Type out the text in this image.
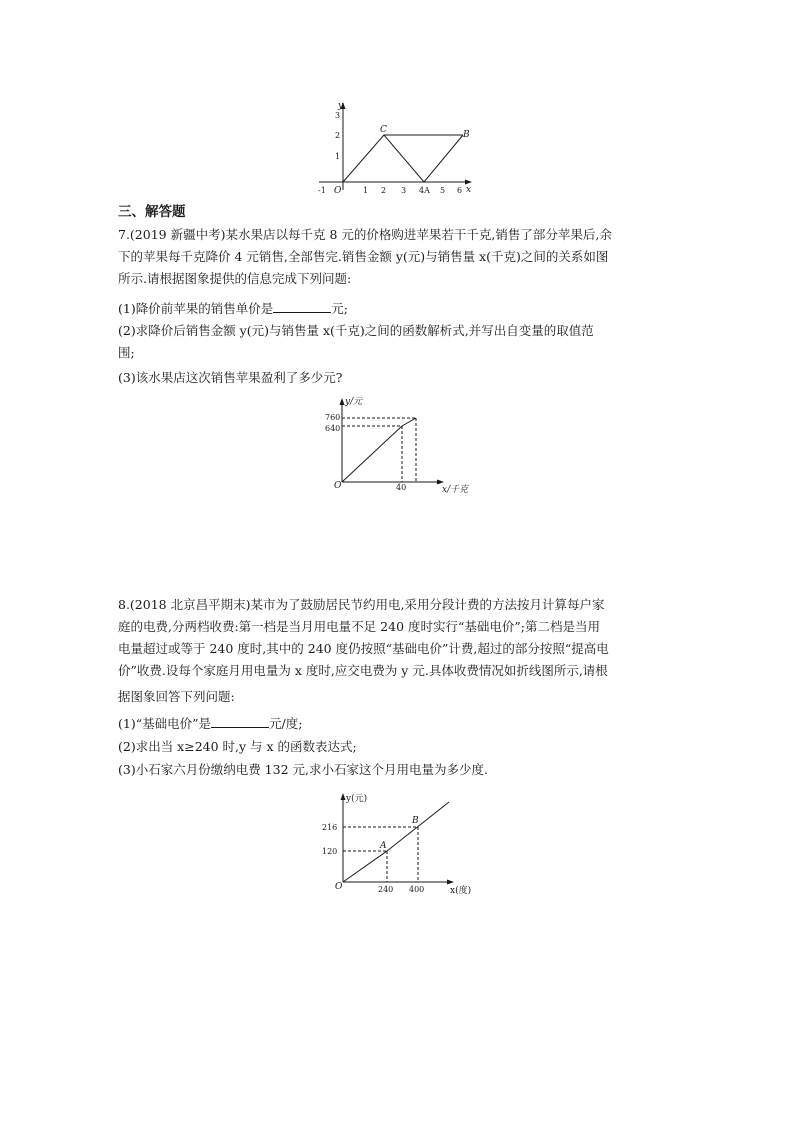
y
x
O
-1	1 2 3 4A 5 6
1
2
3
C	B
三、解答题
7.(2019 新疆中考)某水果店以每千克 8 元的价格购进苹果若干千克,销售了部分苹果后,余
下的苹果每千克降价 4 元销售,全部售完.销售金额 y(元)与销售量 x(千克)之间的关系如图
所示.请根据图象提供的信息完成下列问题:
(1)降价前苹果的销售单价是	元;
(2)求降价后销售金额 y(元)与销售量 x(千克)之间的函数解析式,并写出自变量的取值范
围;
(3)该水果店这次销售苹果盈利了多少元?
y/元
x/千克
O
760
640
40
8.(2018 北京昌平期末)某市为了鼓励居民节约用电,采用分段计费的方法按月计算每户家
庭的电费,分两档收费:第一档是当月用电量不足 240 度时实行“基础电价”;第二档是当用
电量超过或等于 240 度时,其中的 240 度仍按照“基础电价”计费,超过的部分按照“提高电
价”收费.设每个家庭月用电量为 x 度时,应交电费为 y 元.具体收费情况如折线图所示,请根
据图象回答下列问题:
(1)“基础电价”是	元/度;
(2)求出当 x≥240 时,y 与 x 的函数表达式;
(3)小石家六月份缴纳电费 132 元,求小石家这个月用电量为多少度.
y(元)
x(度)
O
216
120
240 400
A
B
